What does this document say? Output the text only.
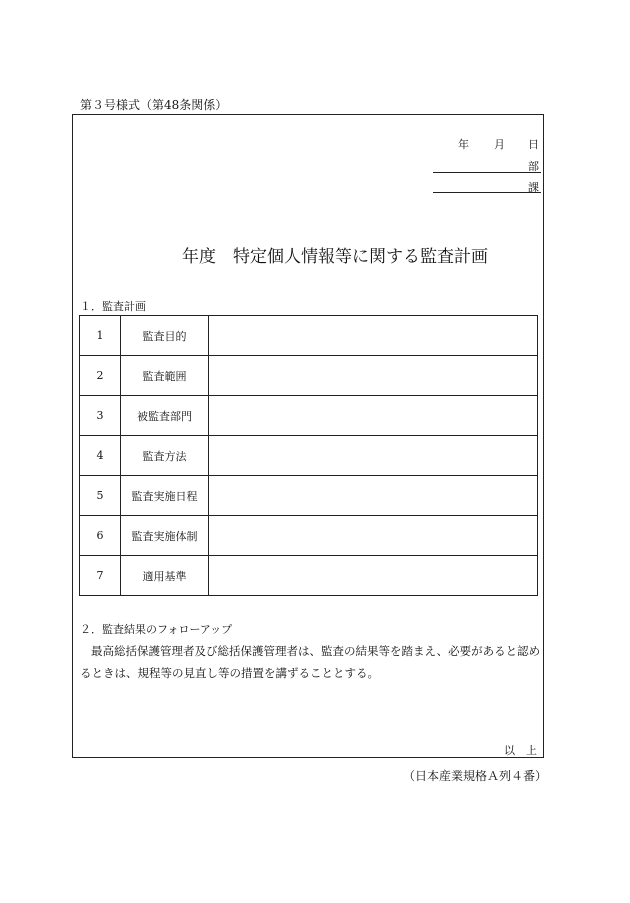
第３号様式（第48条関係）
年 月 日
部
課
年度　特定個人情報等に関する監査計画
１．監査計画
1	監査目的	
2	監査範囲	
3	被監査部門	
4	監査方法	
5	監査実施日程	
6	監査実施体制	
7	適用基準	
２．監査結果のフォローアップ
最高総括保護管理者及び総括保護管理者は、監査の結果等を踏まえ、必要があると認めるときは、規程等の見直し等の措置を講ずることとする。
以　上
（日本産業規格Ａ列４番）
